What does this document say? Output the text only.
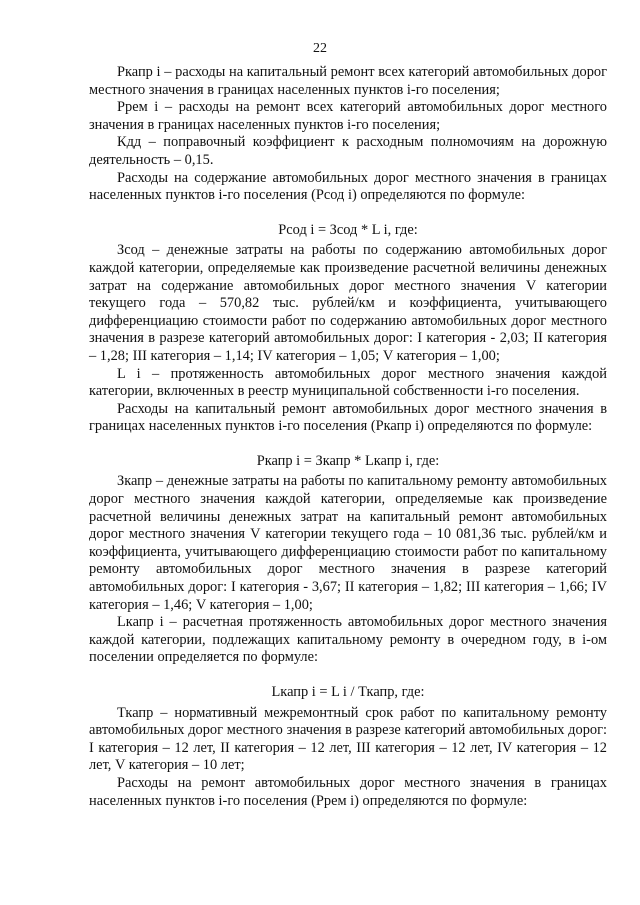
22

Ркапр i – расходы на капитальный ремонт всех категорий автомобильных дорог местного значения в границах населенных пунктов i-го поселения;

Ррем i – расходы на ремонт всех категорий автомобильных дорог местного значения в границах населенных пунктов i-го поселения;

Кдд – поправочный коэффициент к расходным полномочиям на дорожную деятельность – 0,15.

Расходы на содержание автомобильных дорог местного значения в границах населенных пунктов i-го поселения (Рсод i) определяются по формуле:

Рсод i = Зсод * L i, где:

Зсод – денежные затраты на работы по содержанию автомобильных дорог каждой категории, определяемые как произведение расчетной величины денежных затрат на содержание автомобильных дорог местного значения V категории текущего года – 570,82 тыс. рублей/км и коэффициента, учитывающего дифференциацию стоимости работ по содержанию автомобильных дорог местного значения в разрезе категорий автомобильных дорог: I категория - 2,03; II категория – 1,28; III категория – 1,14; IV категория – 1,05; V категория – 1,00;

L i – протяженность автомобильных дорог местного значения каждой категории, включенных в реестр муниципальной собственности i-го поселения.

Расходы на капитальный ремонт автомобильных дорог местного значения в границах населенных пунктов i-го поселения (Ркапр i) определяются по формуле:

Ркапр i = Зкапр * Lкапр i, где:

Зкапр – денежные затраты на работы по капитальному ремонту автомобильных дорог местного значения каждой категории, определяемые как произведение расчетной величины денежных затрат на капитальный ремонт автомобильных дорог местного значения V категории текущего года – 10 081,36 тыс. рублей/км и коэффициента, учитывающего дифференциацию стоимости работ по капитальному ремонту автомобильных дорог местного значения в разрезе категорий автомобильных дорог: I категория - 3,67; II категория – 1,82; III категория – 1,66; IV категория – 1,46; V категория – 1,00;

Lкапр i – расчетная протяженность автомобильных дорог местного значения каждой категории, подлежащих капитальному ремонту в очередном году, в i-ом поселении определяется по формуле:

Lкапр i = L i / Ткапр, где:

Ткапр – нормативный межремонтный срок работ по капитальному ремонту автомобильных дорог местного значения в разрезе категорий автомобильных дорог: I категория – 12 лет, II категория – 12 лет, III категория – 12 лет, IV категория – 12 лет, V категория – 10 лет;

Расходы на ремонт автомобильных дорог местного значения в границах населенных пунктов i-го поселения (Ррем i) определяются по формуле:
